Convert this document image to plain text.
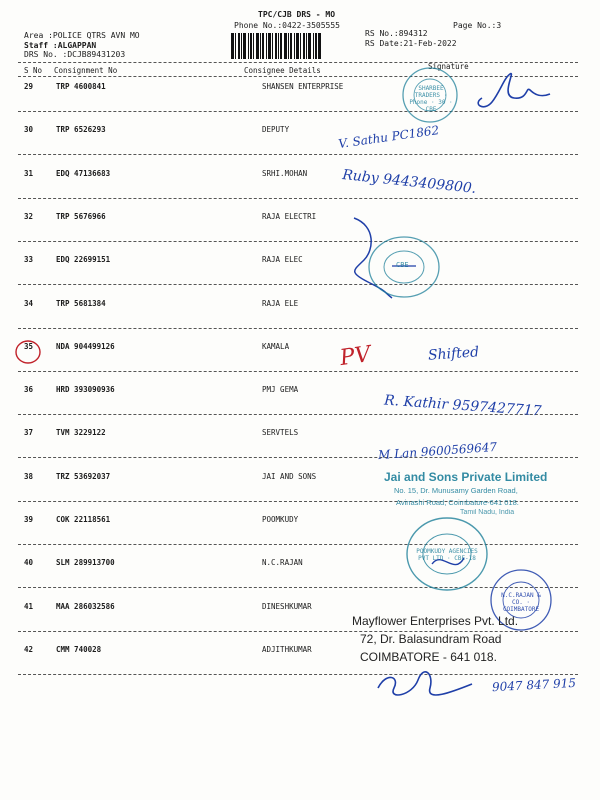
TPC/CJB DRS - MO
Phone No.:0422-3505555
RS No.:894312
Page No.:3
RS Date:21-Feb-2022
Area :POLICE QTRS AVN MO
Staff :ALGAPPAN
DRS No. :DCJB89431203
S No Consignment No	Consignee Details	Signature
29	TRP 4600841	SHANSEN ENTERPRISE
30	TRP 6526293	DEPUTY
31	EDQ 47136683	SRHI.MOHAN
32	TRP 5676966	RAJA ELECTRI
33	EDQ 22699151	RAJA ELEC
34	TRP 5681384	RAJA ELE
35	NDA 904499126	KAMALA
36	HRD 393090936	PMJ GEMA
37	TVM 3229122	SERVTELS
38	TRZ 53692037	JAI AND SONS
39	COK 22118561	POOMKUDY
40	SLM 289913700	N.C.RAJAN
41	MAA 286032586	DINESHKUMAR
42	CMM 740028	ADJITHKUMAR
SHARBEE TRADERS · Phone · 30 · CBE
V. Sathu PC1862
Ruby 9443409800.
CBE
PV	Shifted
R. Kathir 9597427717
M Lan 9600569647
Jai and Sons Private Limited
No. 15, Dr. Munusamy Garden Road,
Avinashi Road, Coimbatore-641 018.
Tamil Nadu, India
POOMKUDY AGENCIES PVT LTD · CBE-18
N.C.RAJAN & CO. · COIMBATORE
Mayflower Enterprises Pvt. Ltd.
72, Dr. Balasundram Road
COIMBATORE - 641 018.
9047 847 915
